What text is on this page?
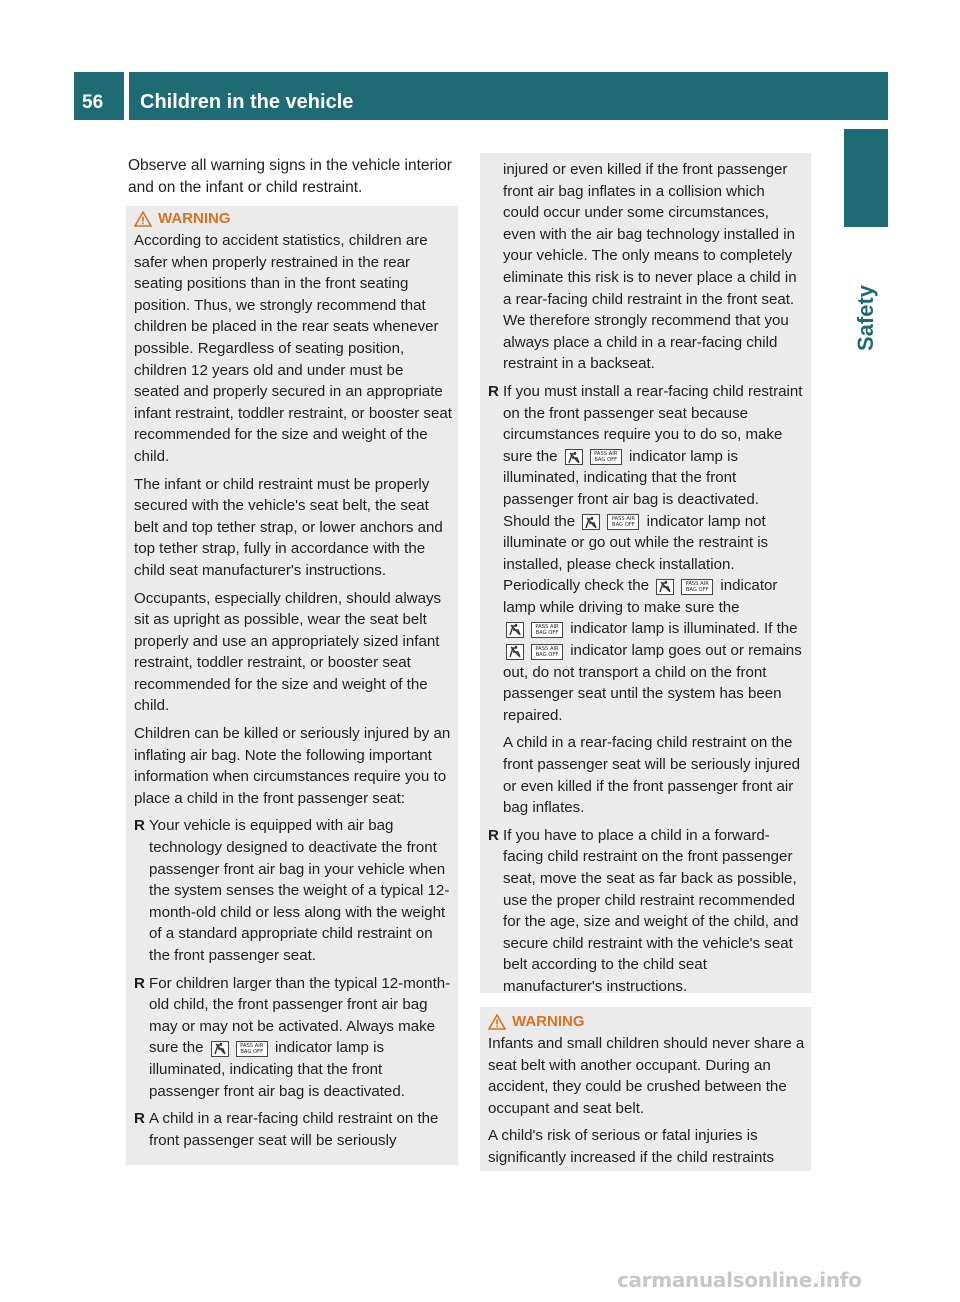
56	Children in the vehicle
Safety

Observe all warning signs in the vehicle interior and on the infant or child restraint.

WARNING

According to accident statistics, children are safer when properly restrained in the rear seating positions than in the front seating position. Thus, we strongly recommend that children be placed in the rear seats whenever possible. Regardless of seating position, children 12 years old and under must be seated and properly secured in an appropriate infant restraint, toddler restraint, or booster seat recommended for the size and weight of the child.

The infant or child restraint must be properly secured with the vehicle's seat belt, the seat belt and top tether strap, or lower anchors and top tether strap, fully in accordance with the child seat manufacturer's instructions.

Occupants, especially children, should always sit as upright as possible, wear the seat belt properly and use an appropriately sized infant restraint, toddler restraint, or booster seat recommended for the size and weight of the child.

Children can be killed or seriously injured by an inflating air bag. Note the following important information when circumstances require you to place a child in the front passenger seat:

R Your vehicle is equipped with air bag technology designed to deactivate the front passenger front air bag in your vehicle when the system senses the weight of a typical 12-month-old child or less along with the weight of a standard appropriate child restraint on the front passenger seat.
R For children larger than the typical 12-month-old child, the front passenger front air bag may or may not be activated. Always make sure the	PASS AIR BAG OFF indicator lamp is illuminated, indicating that the front passenger front air bag is deactivated.
R A child in a rear-facing child restraint on the front passenger seat will be seriously
injured or even killed if the front passenger front air bag inflates in a collision which could occur under some circumstances, even with the air bag technology installed in your vehicle. The only means to completely eliminate this risk is to never place a child in a rear-facing child restraint in the front seat. We therefore strongly recommend that you always place a child in a rear-facing child restraint in a backseat.
R If you must install a rear-facing child restraint on the front passenger seat because circumstances require you to do so, make sure the	PASS AIR BAG OFF indicator lamp is illuminated, indicating that the front passenger front air bag is deactivated. Should the	PASS AIR BAG OFF indicator lamp not illuminate or go out while the restraint is installed, please check installation. Periodically check the	PASS AIR BAG OFF indicator lamp while driving to make sure the
PASS AIR BAG OFF indicator lamp is illuminated. If the
PASS AIR BAG OFF indicator lamp goes out or remains out, do not transport a child on the front passenger seat until the system has been repaired.
A child in a rear-facing child restraint on the front passenger seat will be seriously injured or even killed if the front passenger front air bag inflates.
R If you have to place a child in a forward-facing child restraint on the front passenger seat, move the seat as far back as possible, use the proper child restraint recommended for the age, size and weight of the child, and secure child restraint with the vehicle's seat belt according to the child seat manufacturer's instructions.
WARNING

Infants and small children should never share a seat belt with another occupant. During an accident, they could be crushed between the occupant and seat belt.

A child's risk of serious or fatal injuries is significantly increased if the child restraints

carmanualsonline.info
